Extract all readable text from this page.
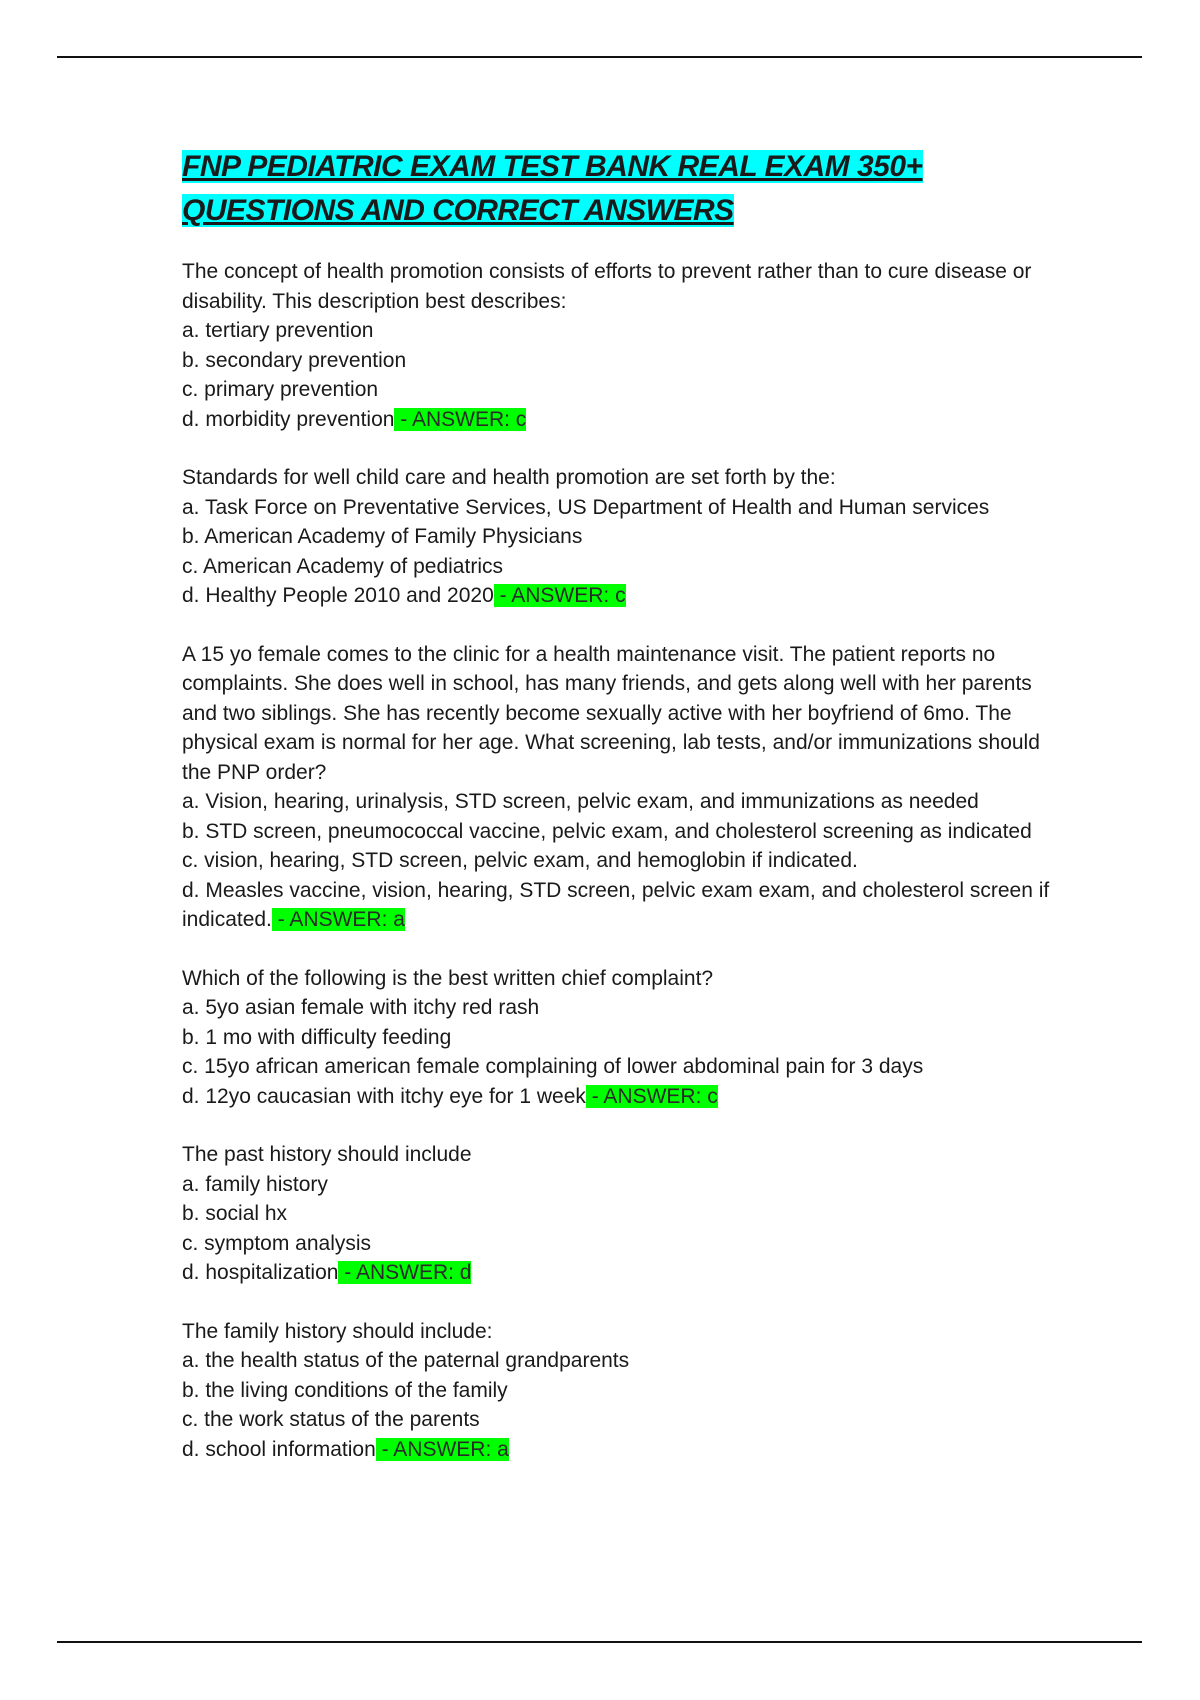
FNP PEDIATRIC EXAM TEST BANK REAL EXAM 350+ QUESTIONS AND CORRECT ANSWERS

The concept of health promotion consists of efforts to prevent rather than to cure disease or disability. This description best describes:

a. tertiary prevention

b. secondary prevention

c. primary prevention

d. morbidity prevention - ANSWER: c

Standards for well child care and health promotion are set forth by the:

a. Task Force on Preventative Services, US Department of Health and Human services

b. American Academy of Family Physicians

c. American Academy of pediatrics

d. Healthy People 2010 and 2020 - ANSWER: c

A 15 yo female comes to the clinic for a health maintenance visit. The patient reports no complaints. She does well in school, has many friends, and gets along well with her parents and two siblings. She has recently become sexually active with her boyfriend of 6mo. The physical exam is normal for her age. What screening, lab tests, and/or immunizations should the PNP order?

a. Vision, hearing, urinalysis, STD screen, pelvic exam, and immunizations as needed

b. STD screen, pneumococcal vaccine, pelvic exam, and cholesterol screening as indicated

c. vision, hearing, STD screen, pelvic exam, and hemoglobin if indicated.

d. Measles vaccine, vision, hearing, STD screen, pelvic exam exam, and cholesterol screen if indicated. - ANSWER: a

Which of the following is the best written chief complaint?

a. 5yo asian female with itchy red rash

b. 1 mo with difficulty feeding

c. 15yo african american female complaining of lower abdominal pain for 3 days

d. 12yo caucasian with itchy eye for 1 week - ANSWER: c

The past history should include

a. family history

b. social hx

c. symptom analysis

d. hospitalization - ANSWER: d

The family history should include:

a. the health status of the paternal grandparents

b. the living conditions of the family

c. the work status of the parents

d. school information - ANSWER: a
